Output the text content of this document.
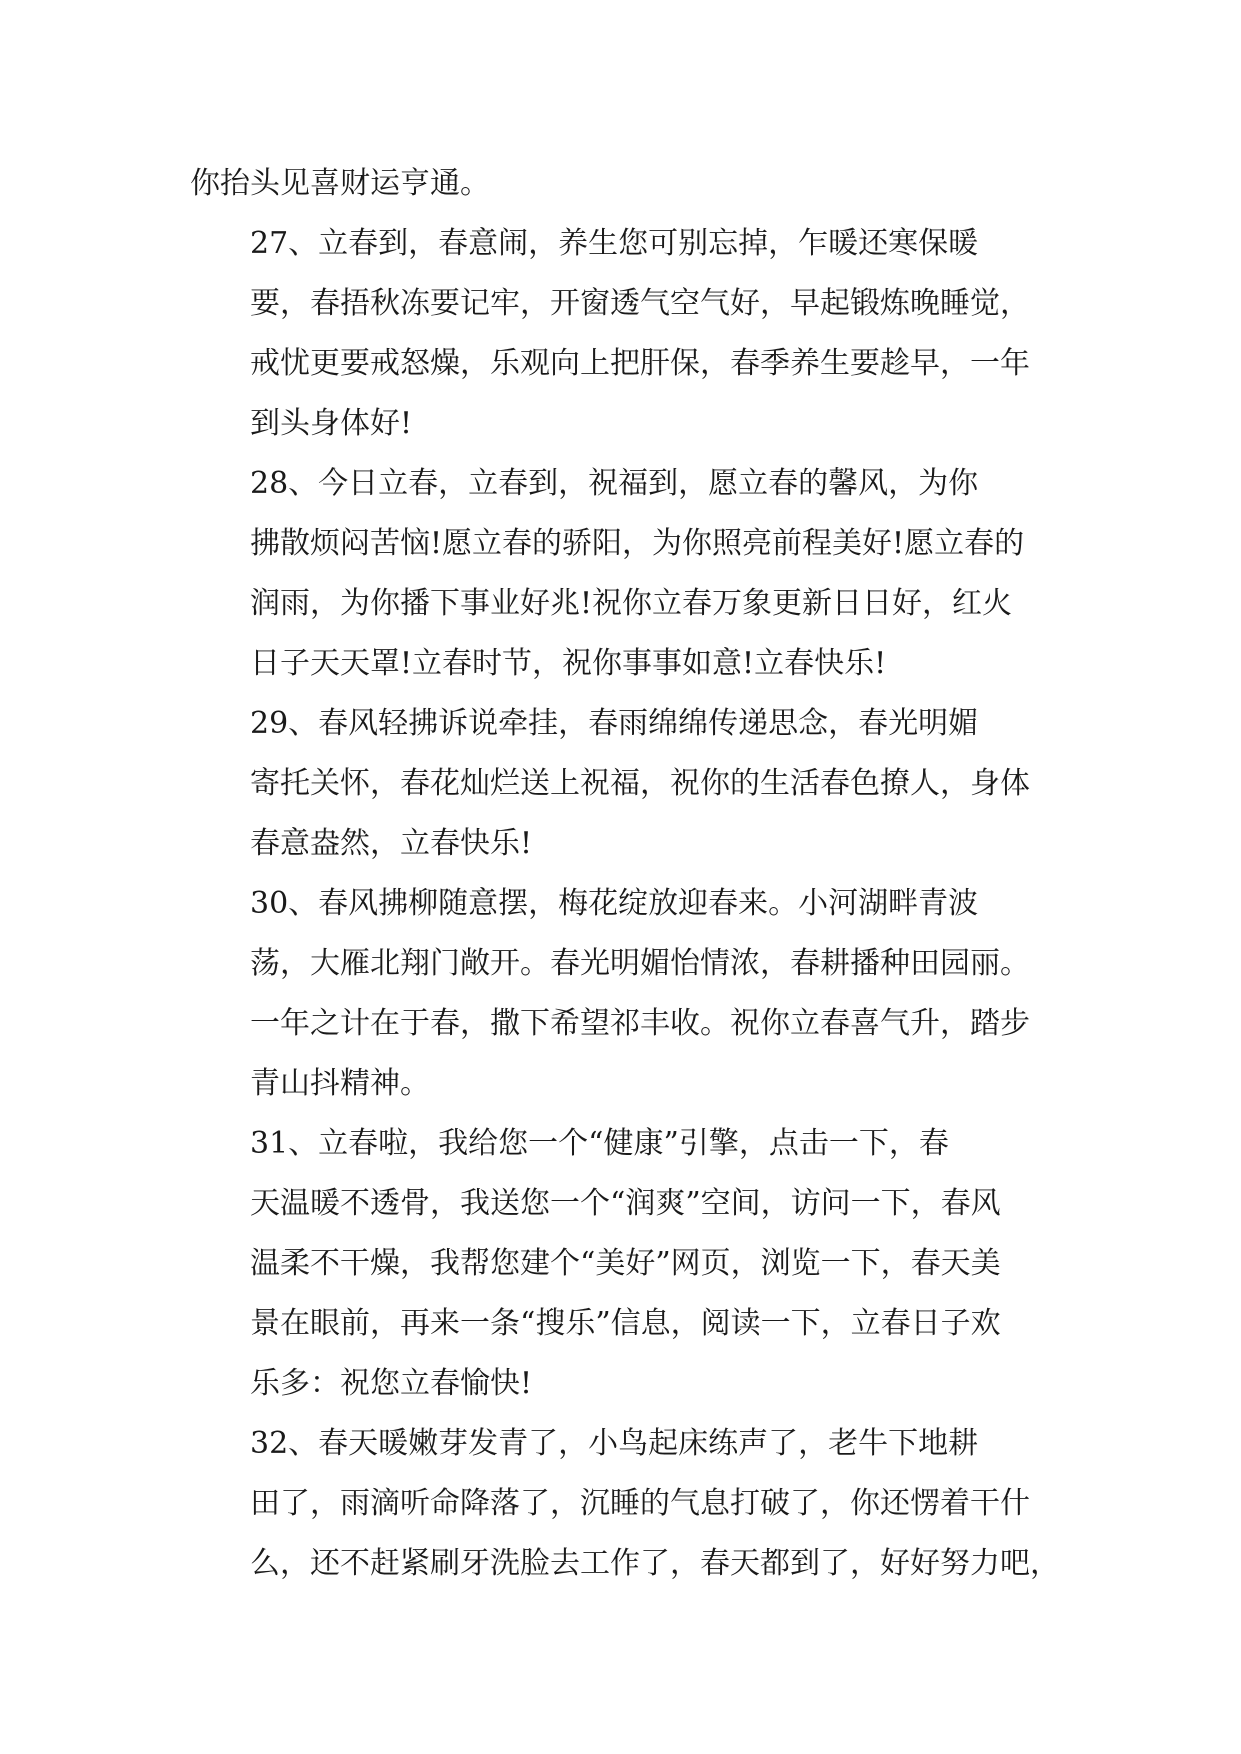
你抬头见喜财运亨通。

27、立春到，春意闹，养生您可别忘掉，乍暖还寒保暖
要，春捂秋冻要记牢，开窗透气空气好，早起锻炼晚睡觉，
戒忧更要戒怒燥，乐观向上把肝保，春季养生要趁早，一年
到头身体好!

28、今日立春，立春到，祝福到，愿立春的馨风，为你
拂散烦闷苦恼!愿立春的骄阳，为你照亮前程美好!愿立春的
润雨，为你播下事业好兆!祝你立春万象更新日日好，红火
日子天天罩!立春时节，祝你事事如意!立春快乐!

29、春风轻拂诉说牵挂，春雨绵绵传递思念，春光明媚
寄托关怀，春花灿烂送上祝福，祝你的生活春色撩人，身体
春意盎然，立春快乐!

30、春风拂柳随意摆，梅花绽放迎春来。小河湖畔青波
荡，大雁北翔门敞开。春光明媚怡情浓，春耕播种田园丽。
一年之计在于春，撒下希望祁丰收。祝你立春喜气升，踏步
青山抖精神。

31、立春啦，我给您一个“健康”引擎，点击一下，春
天温暖不透骨，我送您一个“润爽”空间，访问一下，春风
温柔不干燥，我帮您建个“美好”网页，浏览一下，春天美
景在眼前，再来一条“搜乐”信息，阅读一下，立春日子欢
乐多：祝您立春愉快!

32、春天暖嫩芽发青了，小鸟起床练声了，老牛下地耕
田了，雨滴听命降落了，沉睡的气息打破了，你还愣着干什
么，还不赶紧刷牙洗脸去工作了，春天都到了，好好努力吧，
